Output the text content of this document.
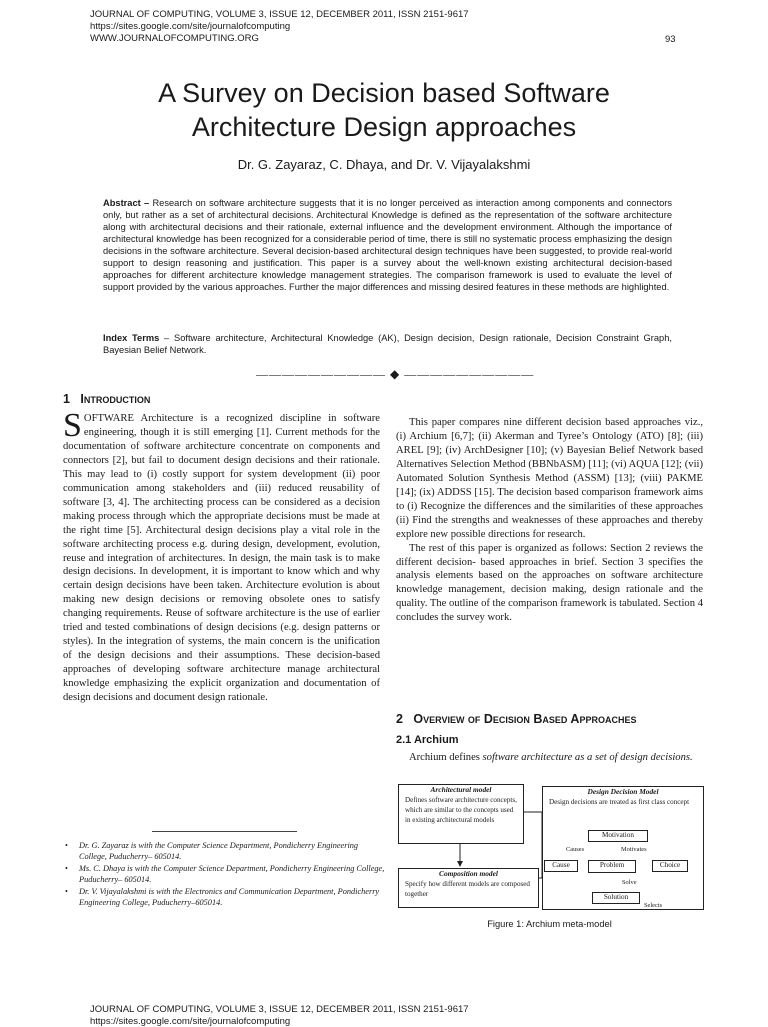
JOURNAL OF COMPUTING, VOLUME 3, ISSUE 12, DECEMBER 2011, ISSN 2151-9617
https://sites.google.com/site/journalofcomputing
WWW.JOURNALOFCOMPUTING.ORG	93
A Survey on Decision based Software
Architecture Design approaches
Dr. G. Zayaraz, C. Dhaya, and Dr. V. Vijayalakshmi
Abstract – Research on software architecture suggests that it is no longer perceived as interaction among components and connectors only, but rather as a set of architectural decisions. Architectural Knowledge is defined as the representation of the software architecture along with architectural decisions and their rationale, external influence and the development environment. Although the importance of architectural knowledge has been recognized for a considerable period of time, there is still no systematic process emphasizing the design decisions in the software architecture. Several decision-based architectural design techniques have been suggested, to provide real-world support to design reasoning and justification. This paper is a survey about the well-known existing architectural decision-based approaches for different architecture knowledge management strategies. The comparison framework is used to evaluate the level of support provided by the various approaches. Further the major differences and missing desired features in these methods are highlighted.
Index Terms – Software architecture, Architectural Knowledge (AK), Design decision, Design rationale, Decision Constraint Graph, Bayesian Belief Network.
—————————— ◆ ——————————
1 Introduction

SOFTWARE Architecture is a recognized discipline in software engineering, though it is still emerging [1]. Current methods for the documentation of software architecture concentrate on components and connectors [2], but fail to document design decisions and their rationale. This may lead to (i) costly support for system development (ii) poor communication among stakeholders and (iii) reduced reusability of software [3, 4]. The architecting process can be considered as a decision making process through which the appropriate decisions must be made at the right time [5]. Architectural design decisions play a vital role in the software architecting process e.g. during design, development, evolution, reuse and integration of architectures. In design, the main task is to make design decisions. In development, it is important to know which and why certain design decisions have been taken. Architecture evolution is about making new design decisions or removing obsolete ones to satisfy changing requirements. Reuse of software architecture is the use of earlier tried and tested combinations of design decisions (e.g. design patterns or styles). In the integration of systems, the main concern is the unification of the design decisions and their assumptions. These decision-based approaches of developing software architecture manage architectural knowledge emphasizing the explicit organization and documentation of design decisions and document design rationale.

This paper compares nine different decision based approaches viz., (i) Archium [6,7]; (ii) Akerman and Tyree’s Ontology (ATO) [8]; (iii) AREL [9]; (iv) ArchDesigner [10]; (v) Bayesian Belief Network based Alternatives Selection Method (BBNbASM) [11]; (vi) AQUA [12]; (vii) Automated Solution Synthesis Method (ASSM) [13]; (viii) PAKME [14]; (ix) ADDSS [15]. The decision based comparison framework aims to (i) Recognize the differences and the similarities of these approaches (ii) Find the strengths and weaknesses of these approaches and thereby explore new possible directions for research.

The rest of this paper is organized as follows: Section 2 reviews the different decision- based approaches in brief. Section 3 specifies the analysis elements based on the approaches on software architecture knowledge management, decision making, design rationale and the quality. The outline of the comparison framework is tabulated. Section 4 concludes the survey work.

2 Overview of Decision Based Approaches
2.1 Archium

Archium defines software architecture as a set of design decisions.

• Dr. G. Zayaraz is with the Computer Science Department, Pondicherry Engineering College, Puducherry– 605014.
• Ms. C. Dhaya is with the Computer Science Department, Pondicherry Engineering College, Puducherry– 605014.
• Dr. V. Vijayalakshmi is with the Electronics and Communication Department, Pondicherry Engineering College, Puducherry–605014.
Architectural model
Defines software architecture concepts, which are similar to the concepts used in existing architectural models
Composition model
Specify how different models are composed together
Design Decision Model
Design decisions are treated as first class concept
Motivation
Cause	Problem	Choice
Solution
Causes	Motivates
Solve
Selects
Figure 1: Archium meta-model
JOURNAL OF COMPUTING, VOLUME 3, ISSUE 12, DECEMBER 2011, ISSN 2151-9617
https://sites.google.com/site/journalofcomputing
